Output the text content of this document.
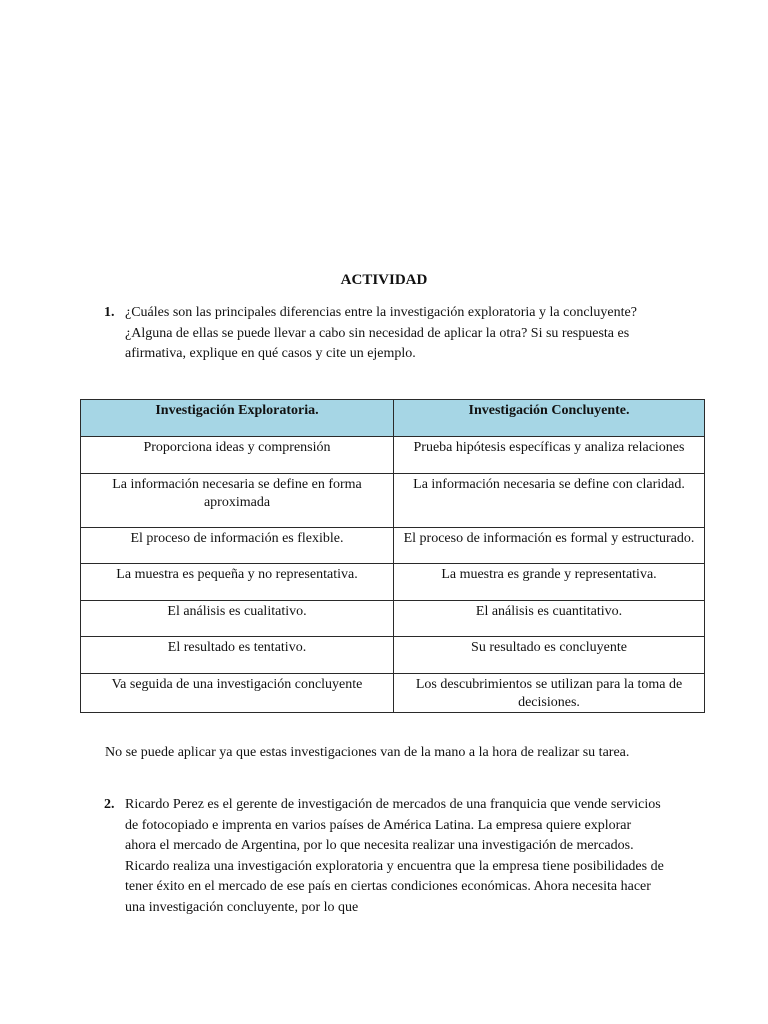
ACTIVIDAD
1. ¿Cuáles son las principales diferencias entre la investigación exploratoria y la concluyente? ¿Alguna de ellas se puede llevar a cabo sin necesidad de aplicar la otra? Si su respuesta es afirmativa, explique en qué casos y cite un ejemplo.
Investigación Exploratoria.	Investigación Concluyente.
Proporciona ideas y comprensión	Prueba hipótesis específicas y analiza relaciones
La información necesaria se define en forma aproximada	La información necesaria se define con claridad.
El proceso de información es flexible.	El proceso de información es formal y estructurado.
La muestra es pequeña y no representativa.	La muestra es grande y representativa.
El análisis es cualitativo.	El análisis es cuantitativo.
El resultado es tentativo.	Su resultado es concluyente
Va seguida de una investigación concluyente	Los descubrimientos se utilizan para la toma de decisiones.
No se puede aplicar ya que estas investigaciones van de la mano a la hora de realizar su tarea.
2. Ricardo Perez es el gerente de investigación de mercados de una franquicia que vende servicios de fotocopiado e imprenta en varios países de América Latina. La empresa quiere explorar ahora el mercado de Argentina, por lo que necesita realizar una investigación de mercados. Ricardo realiza una investigación exploratoria y encuentra que la empresa tiene posibilidades de tener éxito en el mercado de ese país en ciertas condiciones económicas. Ahora necesita hacer una investigación concluyente, por lo que
